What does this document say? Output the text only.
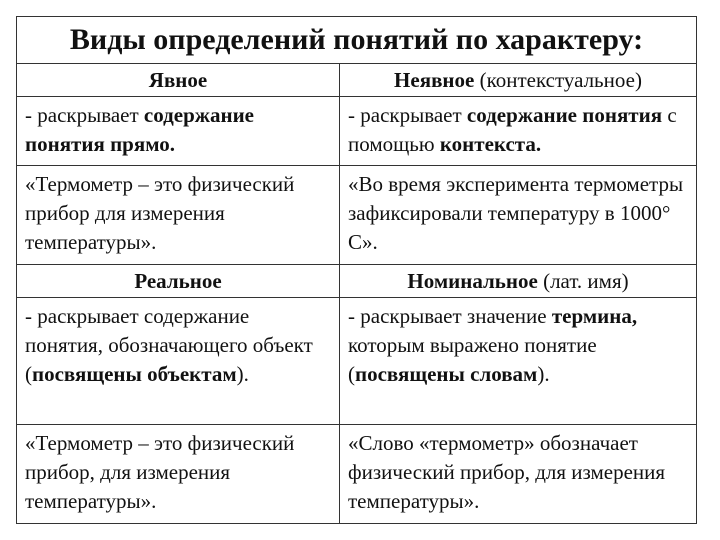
Виды определений понятий по характеру:	
Явное	Неявное (контекстуальное)
- раскрывает содержание понятия прямо.	- раскрывает содержание понятия с помощью контекста.
«Термометр – это физический прибор для измерения температуры».	«Во время эксперимента термометры зафиксировали температуру в 1000° С».
Реальное	Номинальное (лат. имя)
- раскрывает содержание понятия, обозначающего объект (посвящены объектам).	- раскрывает значение термина, которым выражено понятие (посвящены словам).
«Термометр – это физический прибор, для измерения температуры».	«Слово «термометр» обозначает физический прибор, для измерения температуры».
